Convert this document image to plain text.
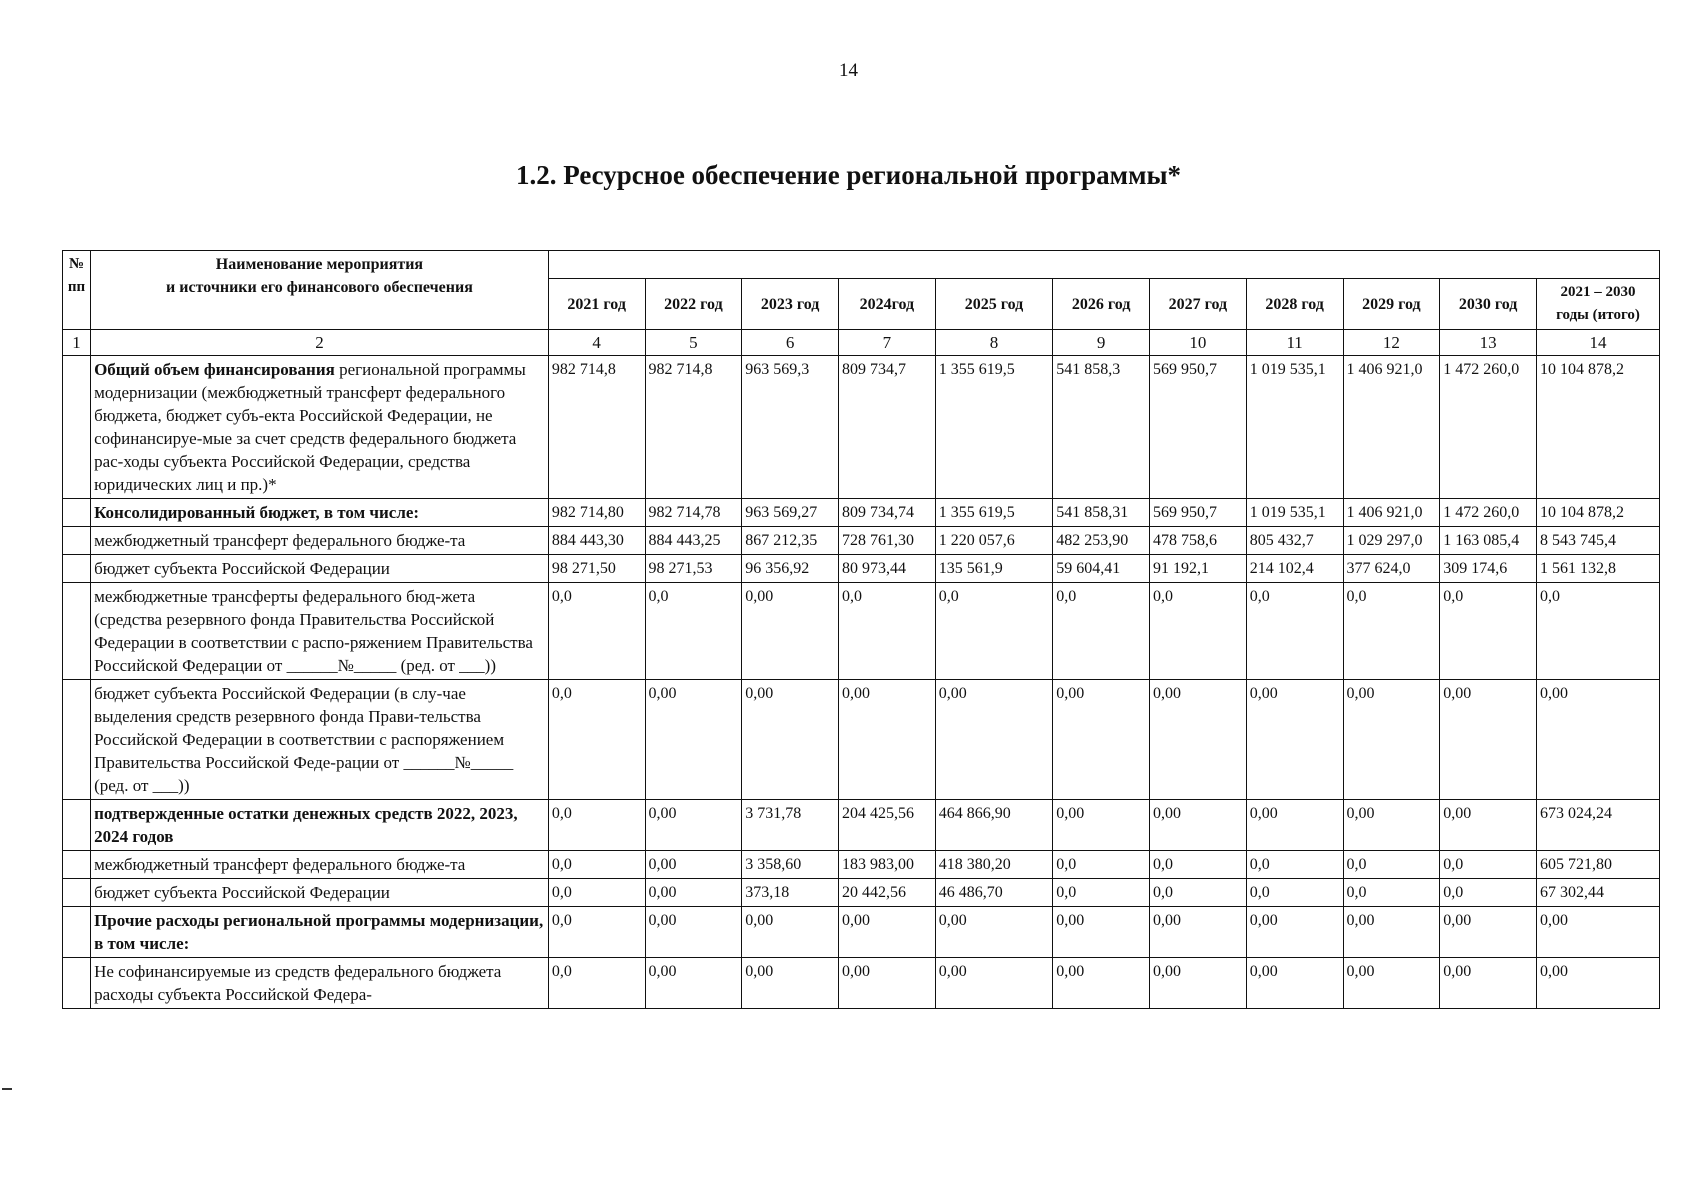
14
1.2. Ресурсное обеспечение региональной программы*
№
пп	Наименование мероприятия
и источники его финансового обеспечения											
		2021 год	2022 год	2023 год	2024год	2025 год	2026 год	2027 год	2028 год	2029 год	2030 год	2021 – 2030
годы (итого)
1	2	4	5	6	7	8	9	10	11	12	13	14
	Общий объем финансирования региональной программы модернизации (межбюджетный трансферт федерального бюджета, бюджет субъ-екта Российской Федерации, не софинансируе-мые за счет средств федерального бюджета рас-ходы субъекта Российской Федерации, средства юридических лиц и пр.)*	982 714,8	982 714,8	963 569,3	809 734,7	1 355 619,5	541 858,3	569 950,7	1 019 535,1	1 406 921,0	1 472 260,0	10 104 878,2
	Консолидированный бюджет, в том числе:	982 714,80	982 714,78	963 569,27	809 734,74	1 355 619,5	541 858,31	569 950,7	1 019 535,1	1 406 921,0	1 472 260,0	10 104 878,2
	межбюджетный трансферт федерального бюдже-та	884 443,30	884 443,25	867 212,35	728 761,30	1 220 057,6	482 253,90	478 758,6	805 432,7	1 029 297,0	1 163 085,4	8 543 745,4
	бюджет субъекта Российской Федерации	98 271,50	98 271,53	96 356,92	80 973,44	135 561,9	59 604,41	91 192,1	214 102,4	377 624,0	309 174,6	1 561 132,8
	межбюджетные трансферты федерального бюд-жета (средства резервного фонда Правительства Российской Федерации в соответствии с распо-ряжением Правительства Российской Федерации от ______№_____ (ред. от ___))	0,0	0,0	0,00	0,0	0,0	0,0	0,0	0,0	0,0	0,0	0,0
	бюджет субъекта Российской Федерации (в слу-чае выделения средств резервного фонда Прави-тельства Российской Федерации в соответствии с распоряжением Правительства Российской Феде-рации от ______№_____ (ред. от ___))	0,0	0,00	0,00	0,00	0,00	0,00	0,00	0,00	0,00	0,00	0,00
	подтвержденные остатки денежных средств 2022, 2023, 2024 годов	0,0	0,00	3 731,78	204 425,56	464 866,90	0,00	0,00	0,00	0,00	0,00	673 024,24
	межбюджетный трансферт федерального бюдже-та	0,0	0,00	3 358,60	183 983,00	418 380,20	0,0	0,0	0,0	0,0	0,0	605 721,80
	бюджет субъекта Российской Федерации	0,0	0,00	373,18	20 442,56	46 486,70	0,0	0,0	0,0	0,0	0,0	67 302,44
	Прочие расходы региональной программы модернизации, в том числе:	0,0	0,00	0,00	0,00	0,00	0,00	0,00	0,00	0,00	0,00	0,00
	Не софинансируемые из средств федерального бюджета расходы субъекта Российской Федера-	0,0	0,00	0,00	0,00	0,00	0,00	0,00	0,00	0,00	0,00	0,00
